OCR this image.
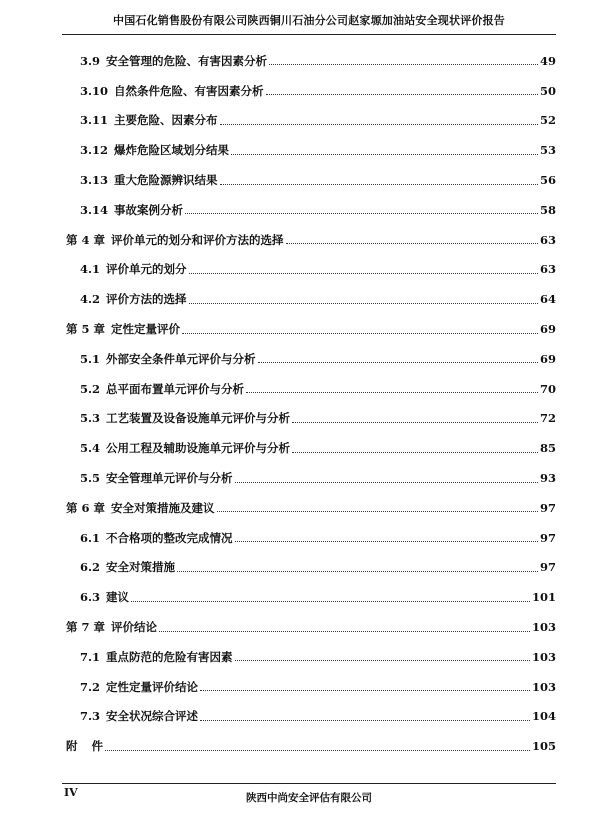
中国石化销售股份有限公司陕西铜川石油分公司赵家塬加油站安全现状评价报告
3.9 安全管理的危险、有害因素分析	49
3.10 自然条件危险、有害因素分析	50
3.11 主要危险、因素分布	52
3.12 爆炸危险区域划分结果	53
3.13 重大危险源辨识结果	56
3.14 事故案例分析	58
第 4 章 评价单元的划分和评价方法的选择	63
4.1 评价单元的划分	63
4.2 评价方法的选择	64
第 5 章 定性定量评价	69
5.1 外部安全条件单元评价与分析	69
5.2 总平面布置单元评价与分析	70
5.3 工艺装置及设备设施单元评价与分析	72
5.4 公用工程及辅助设施单元评价与分析	85
5.5 安全管理单元评价与分析	93
第 6 章 安全对策措施及建议	97
6.1 不合格项的整改完成情况	97
6.2 安全对策措施	97
6.3 建议	101
第 7 章 评价结论	103
7.1 重点防范的危险有害因素	103
7.2 定性定量评价结论	103
7.3 安全状况综合评述	104
附 件	105
IV	陕西中尚安全评估有限公司
